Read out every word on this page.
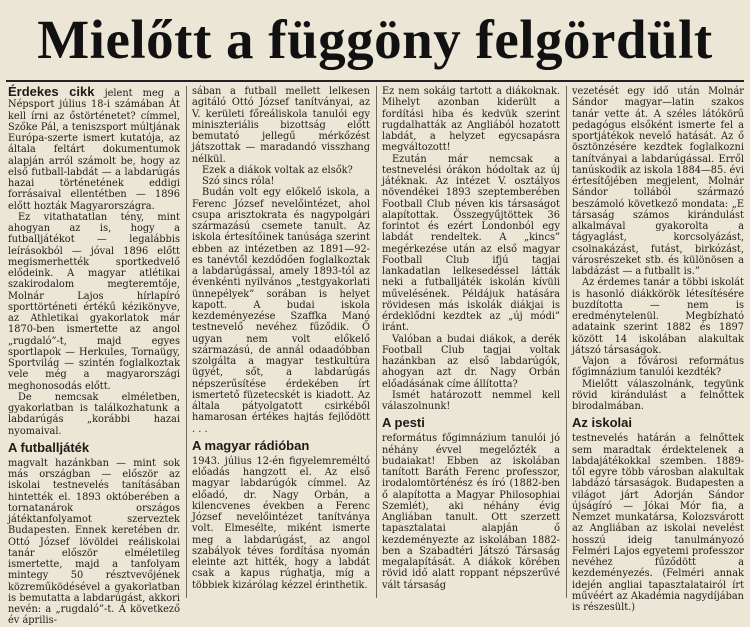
Mielőtt a függöny felgördült

Érdekes cikk jelent meg a Népsport július 18-i számában Át kell írni az őstörténetet? címmel, Szőke Pál, a teniszsport múltjának Európa-szerte ismert kutatója, az általa feltárt dokumentumok alapján arról számolt be, hogy az első futball-labdát — a labdarúgás hazai történetének eddigi forrásaival ellentétben — 1896 előtt hozták Magyarországra.

Ez vitathatatlan tény, mint ahogyan az is, hogy a futballjátékot — legalábbis leírásokból — jóval 1896 előtt megismerhették sportkedvelő elődeink. A magyar atlétikai szakirodalom megteremtője, Molnár Lajos hírlapíró sporttörténeti értékű kézikönyve, az Athletikai gyakorlatok már 1870-ben ismertette az angol „rugdaló”-t, majd egyes sportlapok — Herkules, Tornaügy, Sportvilág — szintén foglalkoztak vele még a magyarországi meghonosodás előtt.

De nemcsak elméletben, gyakorlatban is találkozhatunk a labdarúgás „korábbi hazai nyomaival.

A futballjáték

magvalt hazánkban — mint sok más országban — először az iskolai testnevelés tanításában hintették el. 1893 októberében a tornatanárok országos játéktanfolyamot szerveztek Budapesten. Ennek keretében dr. Ottó József lövöldei reáliskolai tanár először elméletileg ismertette, majd a tanfolyam mintegy 50 résztvevőjének közreműködésével a gyakorlatban is bemutatta a labdarúgást, akkori nevén: a „rugdaló”-t. A következő év április-

sában a futball mellett lelkesen agitáló Ottó József tanítványai, az V. kerületi főreáliskola tanulói egy miniszteriális bizottság előtt bemutató jellegű mérkőzést játszottak — maradandó visszhang nélkül.

Ezek a diákok voltak az elsők?

Szó sincs róla!

Budán volt egy előkelő iskola, a Ferenc József nevelőintézet, ahol csupa arisztokrata és nagypolgári származású csemete tanult. Az iskola értesítőinek tanúsága szerint ebben az intézetben az 1891—92-es tanévtől kezdődően foglalkoztak a labdarúgással, amely 1893-tól az évenkénti nyilvános „testgyakorlati ünnepélyek” sorában is helyet kapott. A budai iskola kezdeményezése Szaffka Manó testnevelő nevéhez fűződik. Ő ugyan nem volt előkelő származású, de annál odaadóbban szolgálta a magyar testkultúra ügyét, sőt, a labdarúgás népszerűsítése érdekében írt ismertető füzetecskét is kiadott. Az általa pátyolgatott csirkéből hamarosan értékes hajtás fejlődött . . .

A magyar rádióban

1943. július 12-én figyelemreméltó előadás hangzott el. Az első magyar labdarúgók címmel. Az előadó, dr. Nagy Orbán, a kilencvenes években a Ferenc József nevelőintézet tanítványa volt. Elmesélte, miként ismerte meg a labdarúgást, az angol szabályok téves fordítása nyomán eleinte azt hitték, hogy a labdát csak a kapus rúghatja, míg a többiek kizárólag kézzel érinthetik.

Ez nem sokáig tartott a diákoknak. Mihelyt azonban kiderült a fordítási hiba és kedvük szerint rugdalhatták az Angliából hozatott labdát, a helyzet egycsapásra megváltozott!

Ezután már nemcsak a testnevelési órákon hódoltak az új játéknak. Az intézet V. osztályos növendékei 1893 szeptemberében Football Club néven kis társaságot alapítottak. Összegyűjtöttek 36 forintot és ezért Londonból egy labdát rendeltek. A „kincs” megérkezése után az első magyar Football Club ifjú tagjai lankadatlan lelkesedéssel látták neki a futballjáték iskolán kívüli művelésének. Példájuk hatására rövidesen más iskolák diákjai is érdeklődni kezdtek az „új módi” iránt.

Valóban a budai diákok, a derék Football Club tagjai voltak hazánkban az első labdarúgók, ahogyan azt dr. Nagy Orbán előadásának címe állította?

Ismét határozott nemmel kell válaszolnunk!

A pesti

református főgimnázium tanulói jó néhány évvel megelőzték a budaiakat! Ebben az iskolában tanított Baráth Ferenc professzor, irodalomtörténész és író (1882-ben ő alapította a Magyar Philosophiai Szemlét), aki néhány évig Angliában tanult. Ott szerzett tapasztalatai alapján ő kezdeményezte az iskolában 1882-ben a Szabadtéri Játszó Társaság megalapítását. A diákok körében rövid idő alatt roppant népszerűvé vált társaság

vezetését egy idő után Molnár Sándor magyar—latin szakos tanár vette át. A széles látókörű pedagógus elsőként ismerte fel a sportjátékok nevelő hatását. Az ő ösztönzésére kezdtek foglalkozni tanítványai a labdarúgással. Erről tanúskodik az iskola 1884—85. évi értesítőjében megjelent, Molnár Sándor tollából származó beszámoló következő mondata: „E társaság számos kirándulást alkalmával gyakorolta a tágyaglást, korcsolyázást, csolnakázást, futást, birkózást, városrészeket stb. és különösen a labdázást — a futballt is.”

Az érdemes tanár a többi iskolát is hasonló diákkörök létesítésére buzdította — nem is eredménytelenül. Megbízható adataink szerint 1882 és 1897 között 14 iskolában alakultak játszó társaságok.

Vajon a fővárosi református főgimnázium tanulói kezdték?

Mielőtt válaszolnánk, tegyünk rövid kirándulást a felnőttek birodalmában.

Az iskolai

testnevelés határán a felnőttek sem maradtak érdektelenek a labdajátékokkal szemben. 1889-től egyre több városban alakultak labdázó társaságok. Budapesten a világot járt Adorján Sándor újságíró — Jókai Mór fia, a Nemzet munkatársa, Kolozsvárott az Angliában az iskolai nevelést hosszú ideig tanulmányozó Felméri Lajos egyetemi professzor nevéhez fűződött a kezdeményezés. (Felméri annak idején angliai tapasztalatairól írt művéért az Akadémia nagydíjában is részesült.)
